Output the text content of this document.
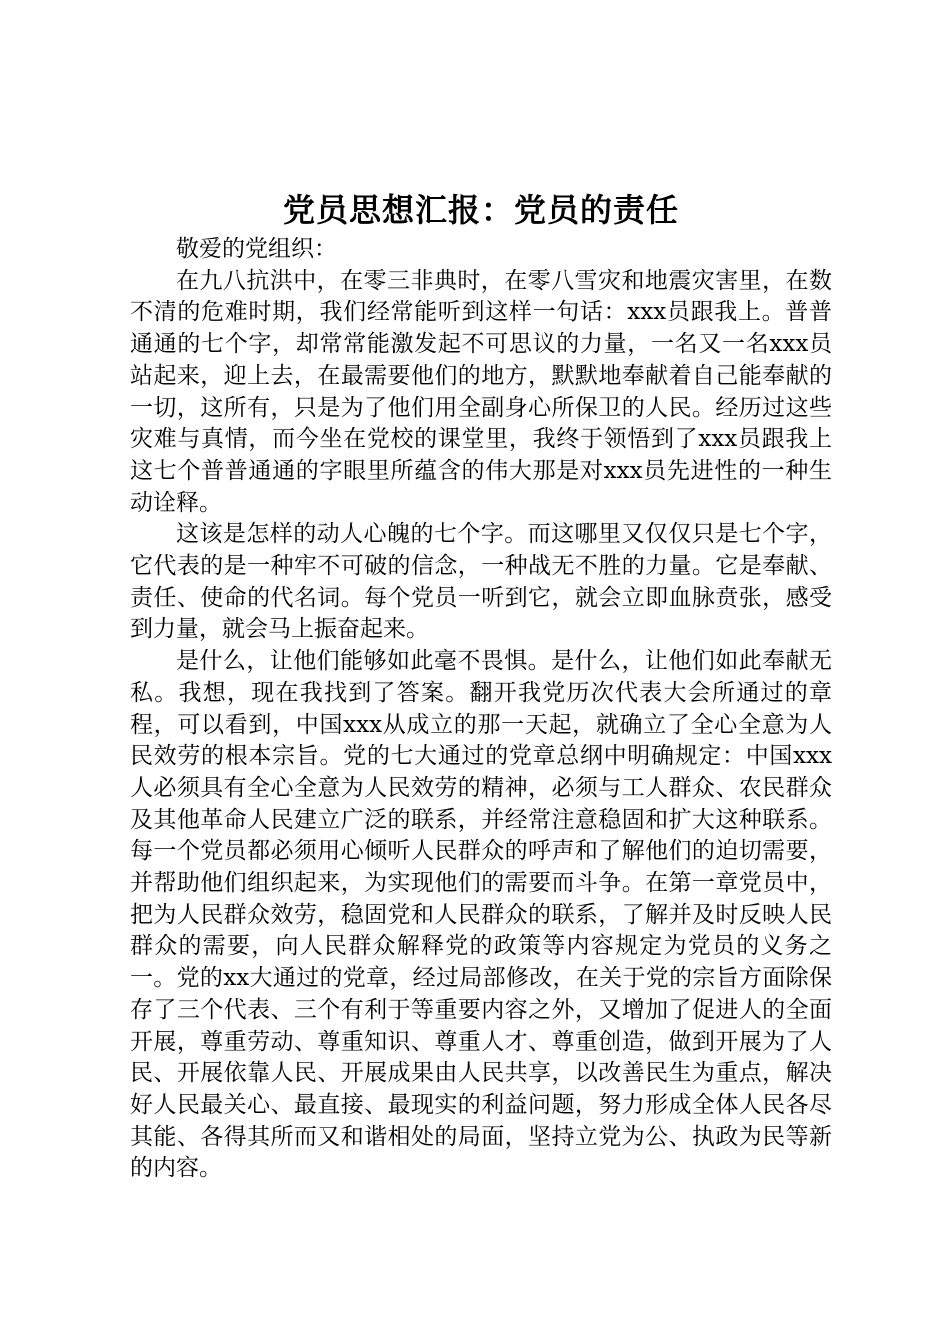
党员思想汇报：党员的责任

敬爱的党组织：

在九八抗洪中，在零三非典时，在零八雪灾和地震灾害里，在数不清的危难时期，我们经常能听到这样一句话：xxx员跟我上。普普通通的七个字，却常常能激发起不可思议的力量，一名又一名xxx员站起来，迎上去，在最需要他们的地方，默默地奉献着自己能奉献的一切，这所有，只是为了他们用全副身心所保卫的人民。经历过这些灾难与真情，而今坐在党校的课堂里，我终于领悟到了xxx员跟我上这七个普普通通的字眼里所蕴含的伟大那是对xxx员先进性的一种生动诠释。

这该是怎样的动人心魄的七个字。而这哪里又仅仅只是七个字，它代表的是一种牢不可破的信念，一种战无不胜的力量。它是奉献、责任、使命的代名词。每个党员一听到它，就会立即血脉贲张，感受到力量，就会马上振奋起来。

是什么，让他们能够如此毫不畏惧。是什么，让他们如此奉献无私。我想，现在我找到了答案。翻开我党历次代表大会所通过的章程，可以看到，中国xxx从成立的那一天起，就确立了全心全意为人民效劳的根本宗旨。党的七大通过的党章总纲中明确规定：中国xxx人必须具有全心全意为人民效劳的精神，必须与工人群众、农民群众及其他革命人民建立广泛的联系，并经常注意稳固和扩大这种联系。每一个党员都必须用心倾听人民群众的呼声和了解他们的迫切需要，并帮助他们组织起来，为实现他们的需要而斗争。在第一章党员中，把为人民群众效劳，稳固党和人民群众的联系，了解并及时反映人民群众的需要，向人民群众解释党的政策等内容规定为党员的义务之一。党的xx大通过的党章，经过局部修改，在关于党的宗旨方面除保存了三个代表、三个有利于等重要内容之外，又增加了促进人的全面开展，尊重劳动、尊重知识、尊重人才、尊重创造，做到开展为了人民、开展依靠人民、开展成果由人民共享，以改善民生为重点，解决好人民最关心、最直接、最现实的利益问题，努力形成全体人民各尽其能、各得其所而又和谐相处的局面，坚持立党为公、执政为民等新的内容。
